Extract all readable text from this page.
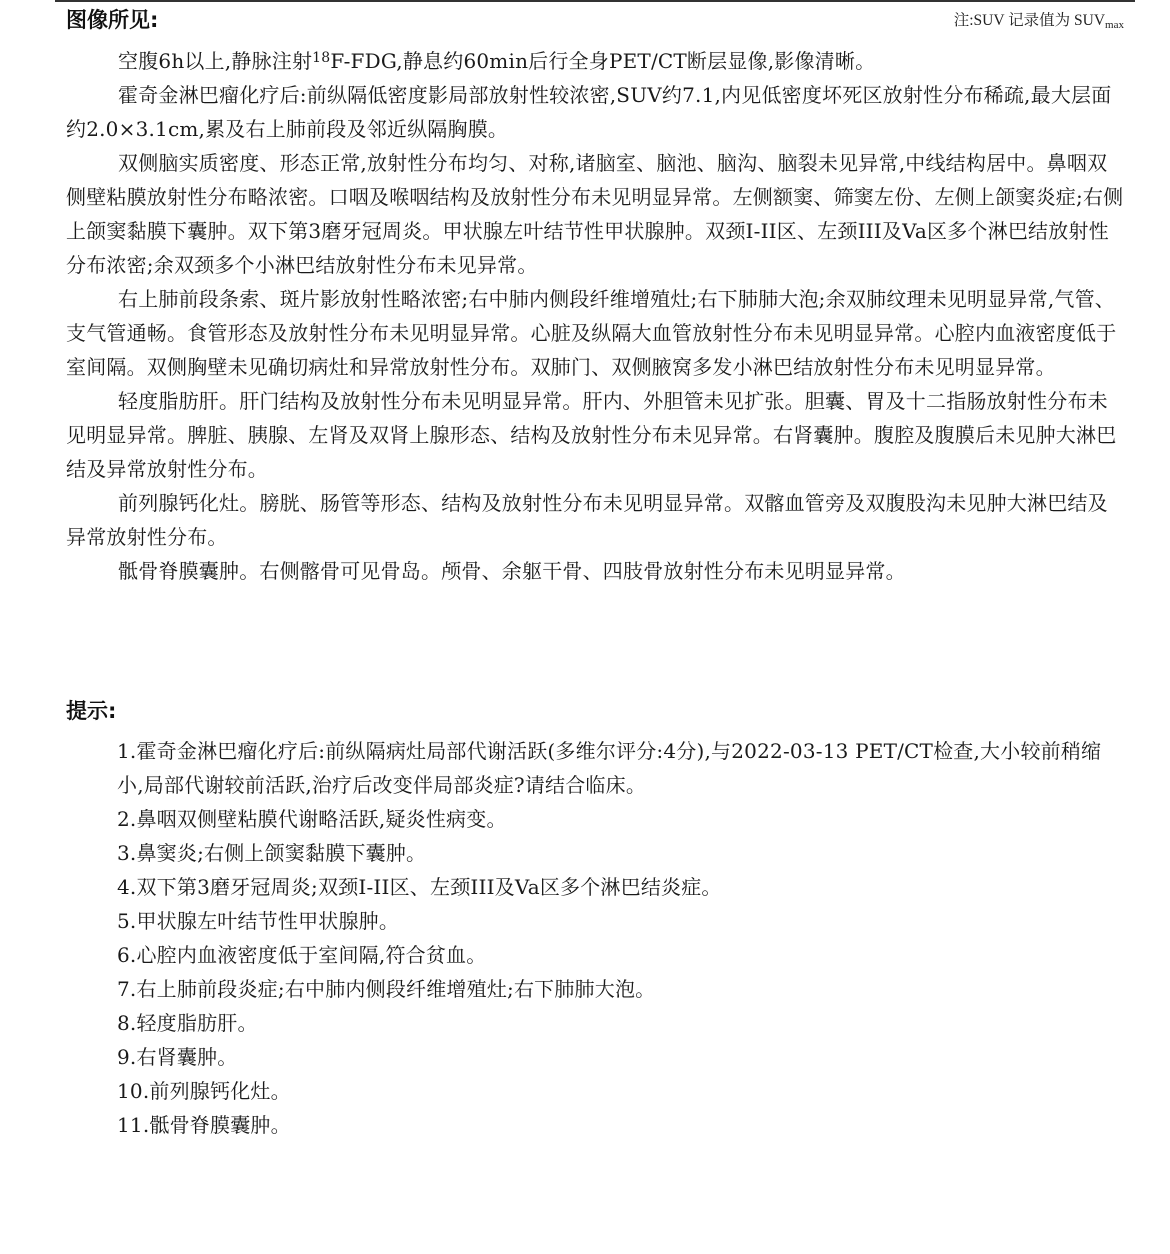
图像所见:	注:SUV 记录值为 $SUV_{max}$

空腹6h以上,静脉注射$^{18}$F-FDG,静息约60min后行全身PET/CT断层显像,影像清晰。

霍奇金淋巴瘤化疗后:前纵隔低密度影局部放射性较浓密,SUV约7.1,内见低密度坏死区放射性分布稀疏,最大层面约2.0×3.1cm,累及右上肺前段及邻近纵隔胸膜。

双侧脑实质密度、形态正常,放射性分布均匀、对称,诸脑室、脑池、脑沟、脑裂未见异常,中线结构居中。鼻咽双侧壁粘膜放射性分布略浓密。口咽及喉咽结构及放射性分布未见明显异常。左侧额窦、筛窦左份、左侧上颌窦炎症;右侧上颌窦黏膜下囊肿。双下第3磨牙冠周炎。甲状腺左叶结节性甲状腺肿。双颈I-II区、左颈III及Va区多个淋巴结放射性分布浓密;余双颈多个小淋巴结放射性分布未见异常。

右上肺前段条索、斑片影放射性略浓密;右中肺内侧段纤维增殖灶;右下肺肺大泡;余双肺纹理未见明显异常,气管、支气管通畅。食管形态及放射性分布未见明显异常。心脏及纵隔大血管放射性分布未见明显异常。心腔内血液密度低于室间隔。双侧胸壁未见确切病灶和异常放射性分布。双肺门、双侧腋窝多发小淋巴结放射性分布未见明显异常。

轻度脂肪肝。肝门结构及放射性分布未见明显异常。肝内、外胆管未见扩张。胆囊、胃及十二指肠放射性分布未见明显异常。脾脏、胰腺、左肾及双肾上腺形态、结构及放射性分布未见异常。右肾囊肿。腹腔及腹膜后未见肿大淋巴结及异常放射性分布。

前列腺钙化灶。膀胱、肠管等形态、结构及放射性分布未见明显异常。双髂血管旁及双腹股沟未见肿大淋巴结及异常放射性分布。

骶骨脊膜囊肿。右侧髂骨可见骨岛。颅骨、余躯干骨、四肢骨放射性分布未见明显异常。

提示:
1.霍奇金淋巴瘤化疗后:前纵隔病灶局部代谢活跃(多维尔评分:4分),与2022-03-13 PET/CT检查,大小较前稍缩小,局部代谢较前活跃,治疗后改变伴局部炎症?请结合临床。
2.鼻咽双侧壁粘膜代谢略活跃,疑炎性病变。
3.鼻窦炎;右侧上颌窦黏膜下囊肿。
4.双下第3磨牙冠周炎;双颈I-II区、左颈III及Va区多个淋巴结炎症。
5.甲状腺左叶结节性甲状腺肿。
6.心腔内血液密度低于室间隔,符合贫血。
7.右上肺前段炎症;右中肺内侧段纤维增殖灶;右下肺肺大泡。
8.轻度脂肪肝。
9.右肾囊肿。
10.前列腺钙化灶。
11.骶骨脊膜囊肿。
